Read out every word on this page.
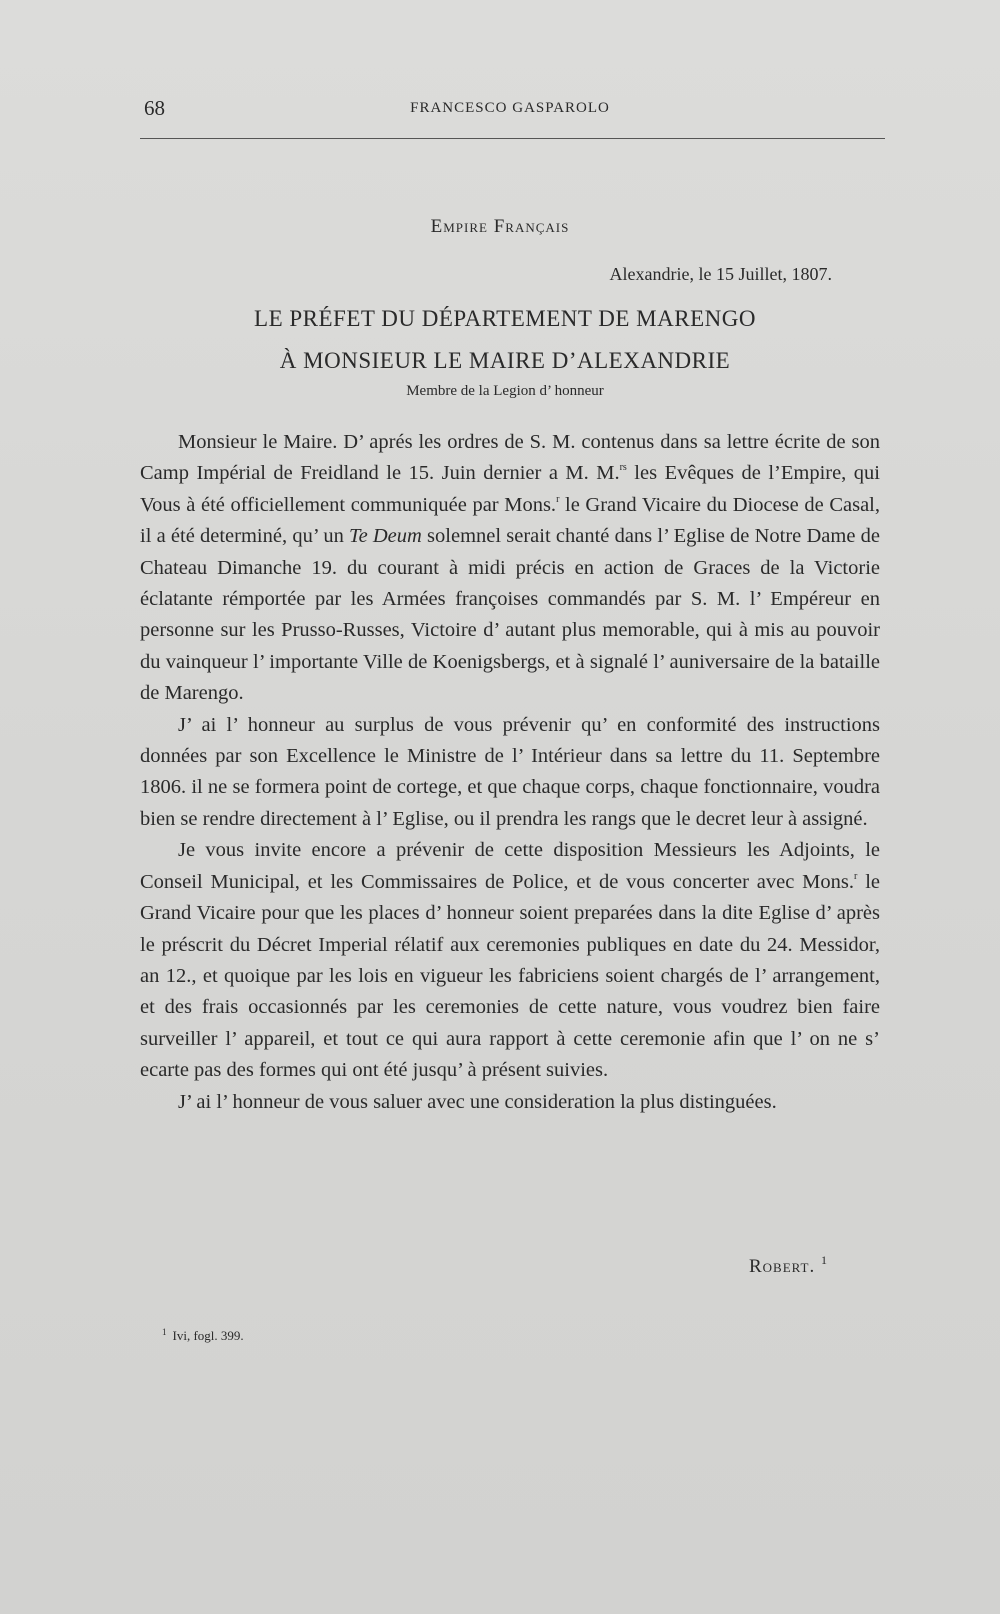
68	FRANCESCO GASPAROLO
Empire Français
Alexandrie, le 15 Juillet, 1807.
LE PRÉFET DU DÉPARTEMENT DE MARENGO
À MONSIEUR LE MAIRE D’ALEXANDRIE
Membre de la Legion d’ honneur

Monsieur le Maire. D’ aprés les ordres de S. M. contenus dans sa lettre écrite de son Camp Impérial de Freidland le 15. Juin dernier a M. M.$^{rs}$ les Evêques de l’Empire, qui Vous à été officiellement communiquée par Mons.$^r$ le Grand Vicaire du Diocese de Casal, il a été determiné, qu’ un Te Deum solemnel serait chanté dans l’ Eglise de Notre Dame de Chateau Dimanche 19. du courant à midi précis en action de Graces de la Victorie éclatante rémportée par les Armées françoises commandés par S. M. l’ Empéreur en personne sur les Prusso-Russes, Victoire d’ autant plus memorable, qui à mis au pouvoir du vainqueur l’ importante Ville de Koenigsbergs, et à signalé l’ auniversaire de la bataille de Marengo.

J’ ai l’ honneur au surplus de vous prévenir qu’ en conformité des instructions données par son Excellence le Ministre de l’ Intérieur dans sa lettre du 11. Septembre 1806. il ne se formera point de cortege, et que chaque corps, chaque fonctionnaire, voudra bien se rendre directement à l’ Eglise, ou il prendra les rangs que le decret leur à assigné.

Je vous invite encore a prévenir de cette disposition Messieurs les Adjoints, le Conseil Municipal, et les Commissaires de Police, et de vous concerter avec Mons.$^r$ le Grand Vicaire pour que les places d’ honneur soient preparées dans la dite Eglise d’ après le préscrit du Décret Imperial rélatif aux ceremonies publiques en date du 24. Messidor, an 12., et quoique par les lois en vigueur les fabriciens soient chargés de l’ arrangement, et des frais occasionnés par les ceremonies de cette nature, vous voudrez bien faire surveiller l’ appareil, et tout ce qui aura rapport à cette ceremonie afin que l’ on ne s’ ecarte pas des formes qui ont été jusqu’ à présent suivies.

J’ ai l’ honneur de vous saluer avec une consideration la plus distinguées.

Robert. $^1$
$^1$ Ivi, fogl. 399.
